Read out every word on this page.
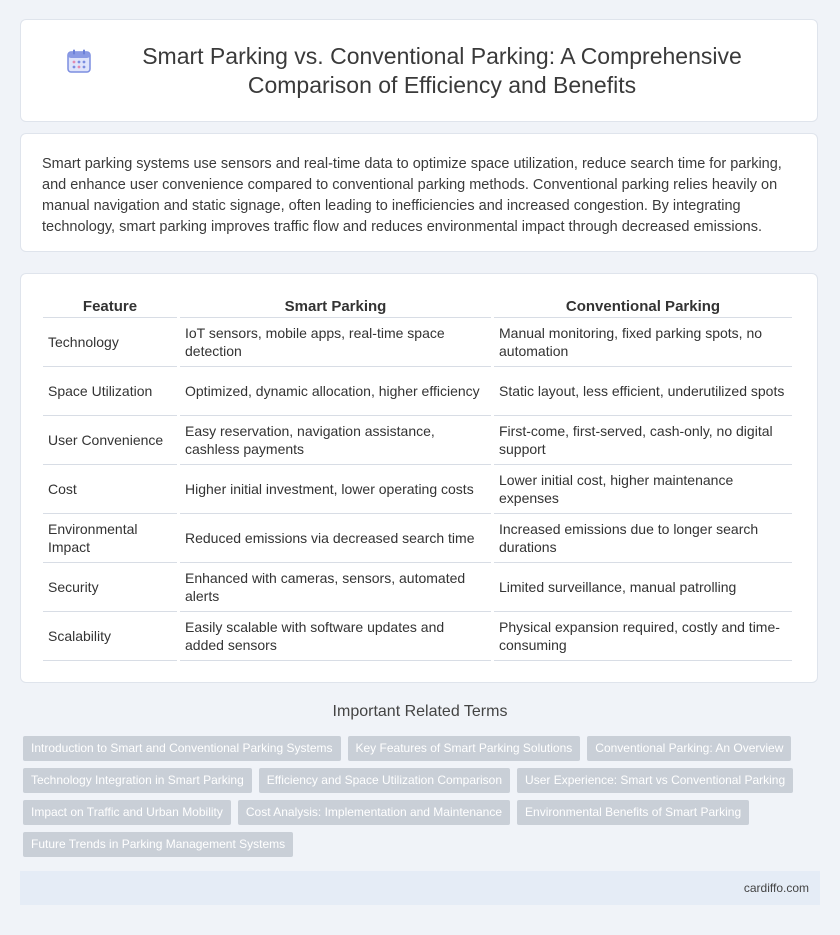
Smart Parking vs. Conventional Parking: A Comprehensive Comparison of Efficiency and Benefits

Smart parking systems use sensors and real-time data to optimize space utilization, reduce search time for parking, and enhance user convenience compared to conventional parking methods. Conventional parking relies heavily on manual navigation and static signage, often leading to inefficiencies and increased congestion. By integrating technology, smart parking improves traffic flow and reduces environmental impact through decreased emissions.

Feature	Smart Parking	Conventional Parking
Technology	IoT sensors, mobile apps, real-time space detection	Manual monitoring, fixed parking spots, no automation
Space Utilization	Optimized, dynamic allocation, higher efficiency	Static layout, less efficient, underutilized spots
User Convenience	Easy reservation, navigation assistance, cashless payments	First-come, first-served, cash-only, no digital support
Cost	Higher initial investment, lower operating costs	Lower initial cost, higher maintenance expenses
Environmental Impact	Reduced emissions via decreased search time	Increased emissions due to longer search durations
Security	Enhanced with cameras, sensors, automated alerts	Limited surveillance, manual patrolling
Scalability	Easily scalable with software updates and added sensors	Physical expansion required, costly and time-consuming
Important Related Terms
Introduction to Smart and Conventional Parking Systems	Key Features of Smart Parking Solutions	Conventional Parking: An Overview
Technology Integration in Smart Parking	Efficiency and Space Utilization Comparison	User Experience: Smart vs Conventional Parking
Impact on Traffic and Urban Mobility	Cost Analysis: Implementation and Maintenance	Environmental Benefits of Smart Parking
Future Trends in Parking Management Systems
cardiffo.com
